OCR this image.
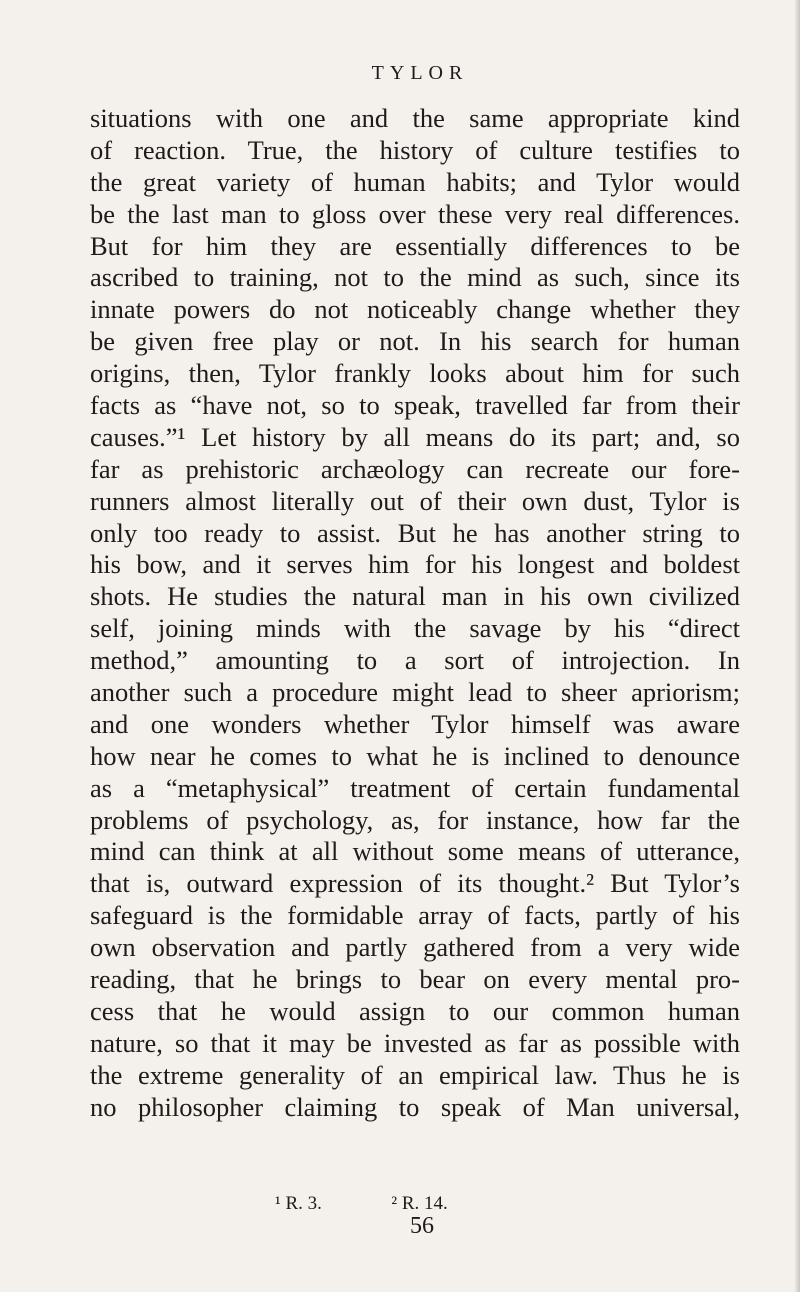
TYLOR
situations with one and the same appropriate kind
of reaction. True, the history of culture testifies to
the great variety of human habits; and Tylor would
be the last man to gloss over these very real differences.
But for him they are essentially differences to be
ascribed to training, not to the mind as such, since its
innate powers do not noticeably change whether they
be given free play or not. In his search for human
origins, then, Tylor frankly looks about him for such
facts as “have not, so to speak, travelled far from their
causes.”¹ Let history by all means do its part; and, so
far as prehistoric archæology can recreate our fore-
runners almost literally out of their own dust, Tylor is
only too ready to assist. But he has another string to
his bow, and it serves him for his longest and boldest
shots. He studies the natural man in his own civilized
self, joining minds with the savage by his “direct
method,” amounting to a sort of introjection. In
another such a procedure might lead to sheer apriorism;
and one wonders whether Tylor himself was aware
how near he comes to what he is inclined to denounce
as a “metaphysical” treatment of certain fundamental
problems of psychology, as, for instance, how far the
mind can think at all without some means of utterance,
that is, outward expression of its thought.² But Tylor’s
safeguard is the formidable array of facts, partly of his
own observation and partly gathered from a very wide
reading, that he brings to bear on every mental pro-
cess that he would assign to our common human
nature, so that it may be invested as far as possible with
the extreme generality of an empirical law. Thus he is
no philosopher claiming to speak of Man universal,
¹ R. 3.	² R. 14.
56
